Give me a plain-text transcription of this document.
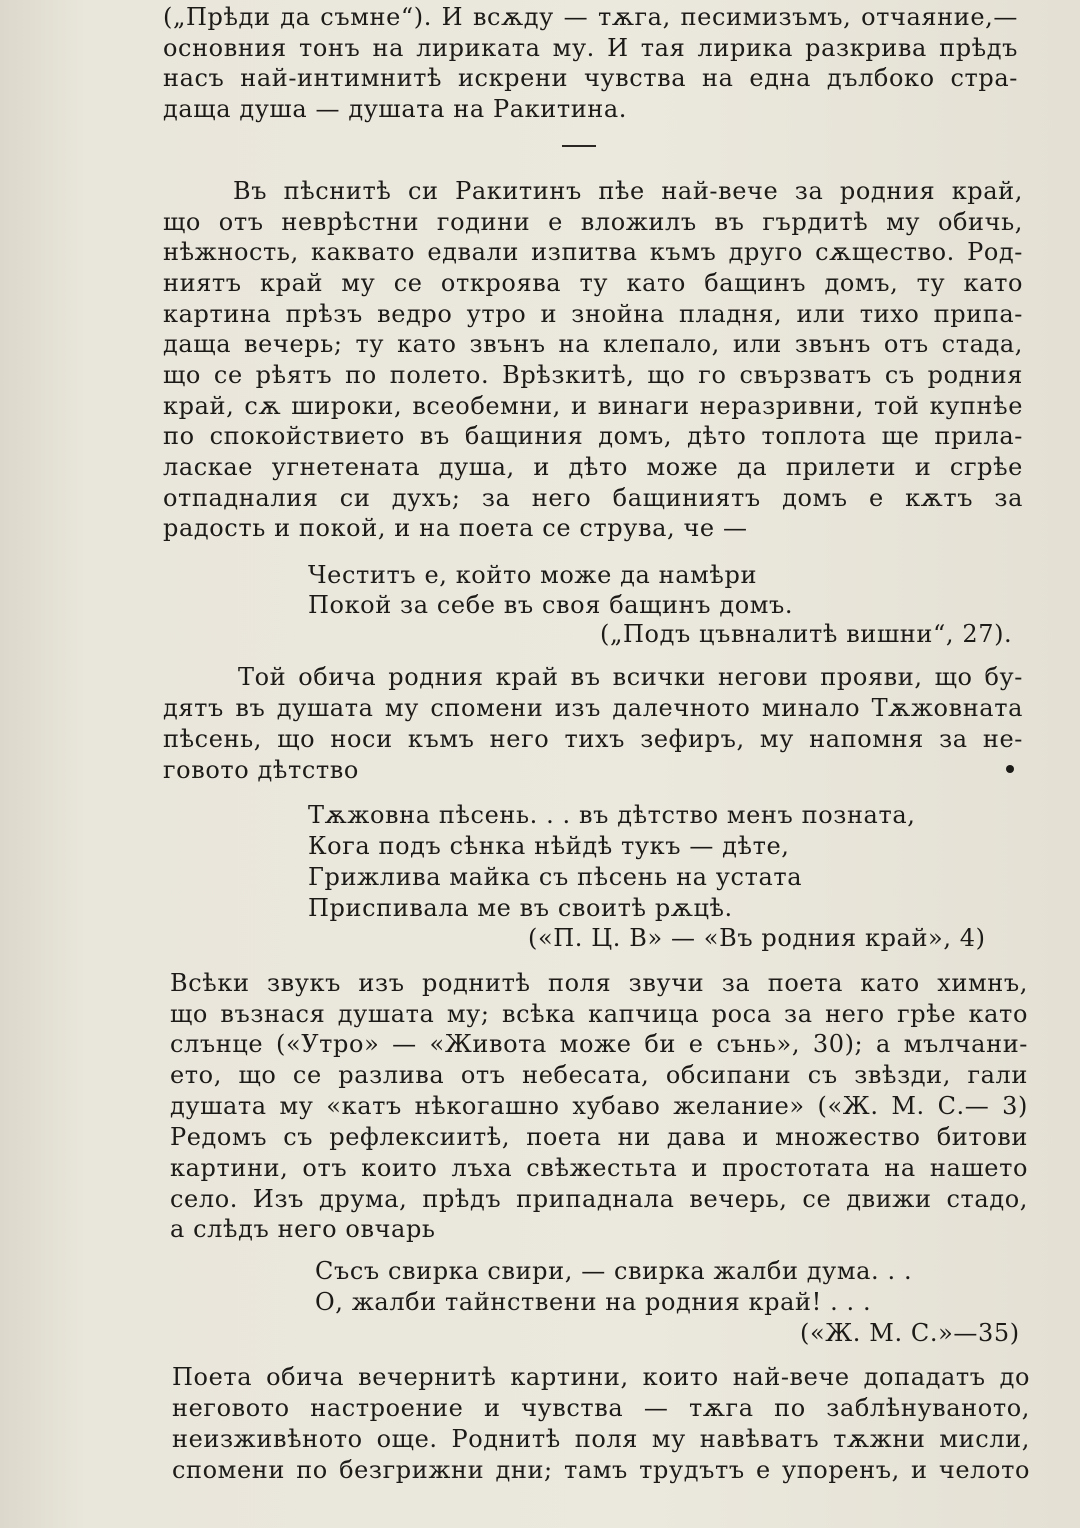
(„Прѣди да съмне“). И всѫду — тѫга, песимизъмъ, отчаяние,—
основния тонъ на лириката му. И тая лирика разкрива прѣдъ
насъ най-интимнитѣ искрени чувства на една дълбоко стра-
даща душа — душата на Ракитина.
Въ пѣснитѣ си Ракитинъ пѣе най-вече за родния край,
що отъ неврѣстни години е вложилъ въ гърдитѣ му обичь,
нѣжность, каквато едвали изпитва къмъ друго сѫщество. Род-
ниятъ край му се откроява ту като бащинъ домъ, ту като
картина прѣзъ ведро утро и знойна пладня, или тихо припа-
даща вечерь; ту като звънъ на клепало, или звънъ отъ стада,
що се рѣятъ по полето. Врѣзкитѣ, що го свързватъ съ родния
край, сѫ широки, всеобемни, и винаги неразривни, той купнѣе
по спокойствието въ бащиния домъ, дѣто топлота ще прила-
ласкае угнетената душа, и дѣто може да прилети и сгрѣе
отпадналия си духъ; за него бащиниятъ домъ е кѫтъ за
радость и покой, и на поета се струва, че —
Честитъ е, който може да намѣри
Покой за себе въ своя бащинъ домъ.
(„Подъ цъвналитѣ вишни“, 27).
Той обича родния край въ всички негови прояви, що бу-
дятъ въ душата му спомени изъ далечното минало Тѫжовната
пѣсень, що носи къмъ него тихъ зефиръ, му напомня за не-
говото дѣтство
Тѫжовна пѣсень. . . въ дѣтство менъ позната,
Кога подъ сѣнка нѣйдѣ тукъ — дѣте,
Грижлива майка съ пѣсень на устата
Приспивала ме въ своитѣ рѫцѣ.
(«П. Ц. В» — «Въ родния край», 4)
Всѣки звукъ изъ роднитѣ поля звучи за поета като химнъ,
що възнася душата му; всѣка капчица роса за него грѣе като
слънце («Утро» — «Живота може би е сънь», 30); а мълчани-
ето, що се разлива отъ небесата, обсипани съ звѣзди, гали
душата му «катъ нѣкогашно хубаво желание» («Ж. М. С.— 3)
Редомъ съ рефлексиитѣ, поета ни дава и множество битови
картини, отъ които лъха свѣжестьта и простотата на нашето
село. Изъ друма, прѣдъ припаднала вечерь, се движи стадо,
а слѣдъ него овчарь
Съсъ свирка свири, — свирка жалби дума. . .
О, жалби тайнствени на родния край! . . .
(«Ж. М. С.»—35)
Поета обича вечернитѣ картини, които най-вече допадатъ до
неговото настроение и чувства — тѫга по заблѣнуваното,
неизживѣното още. Роднитѣ поля му навѣватъ тѫжни мисли,
спомени по безгрижни дни; тамъ трудътъ е упоренъ, и челото
